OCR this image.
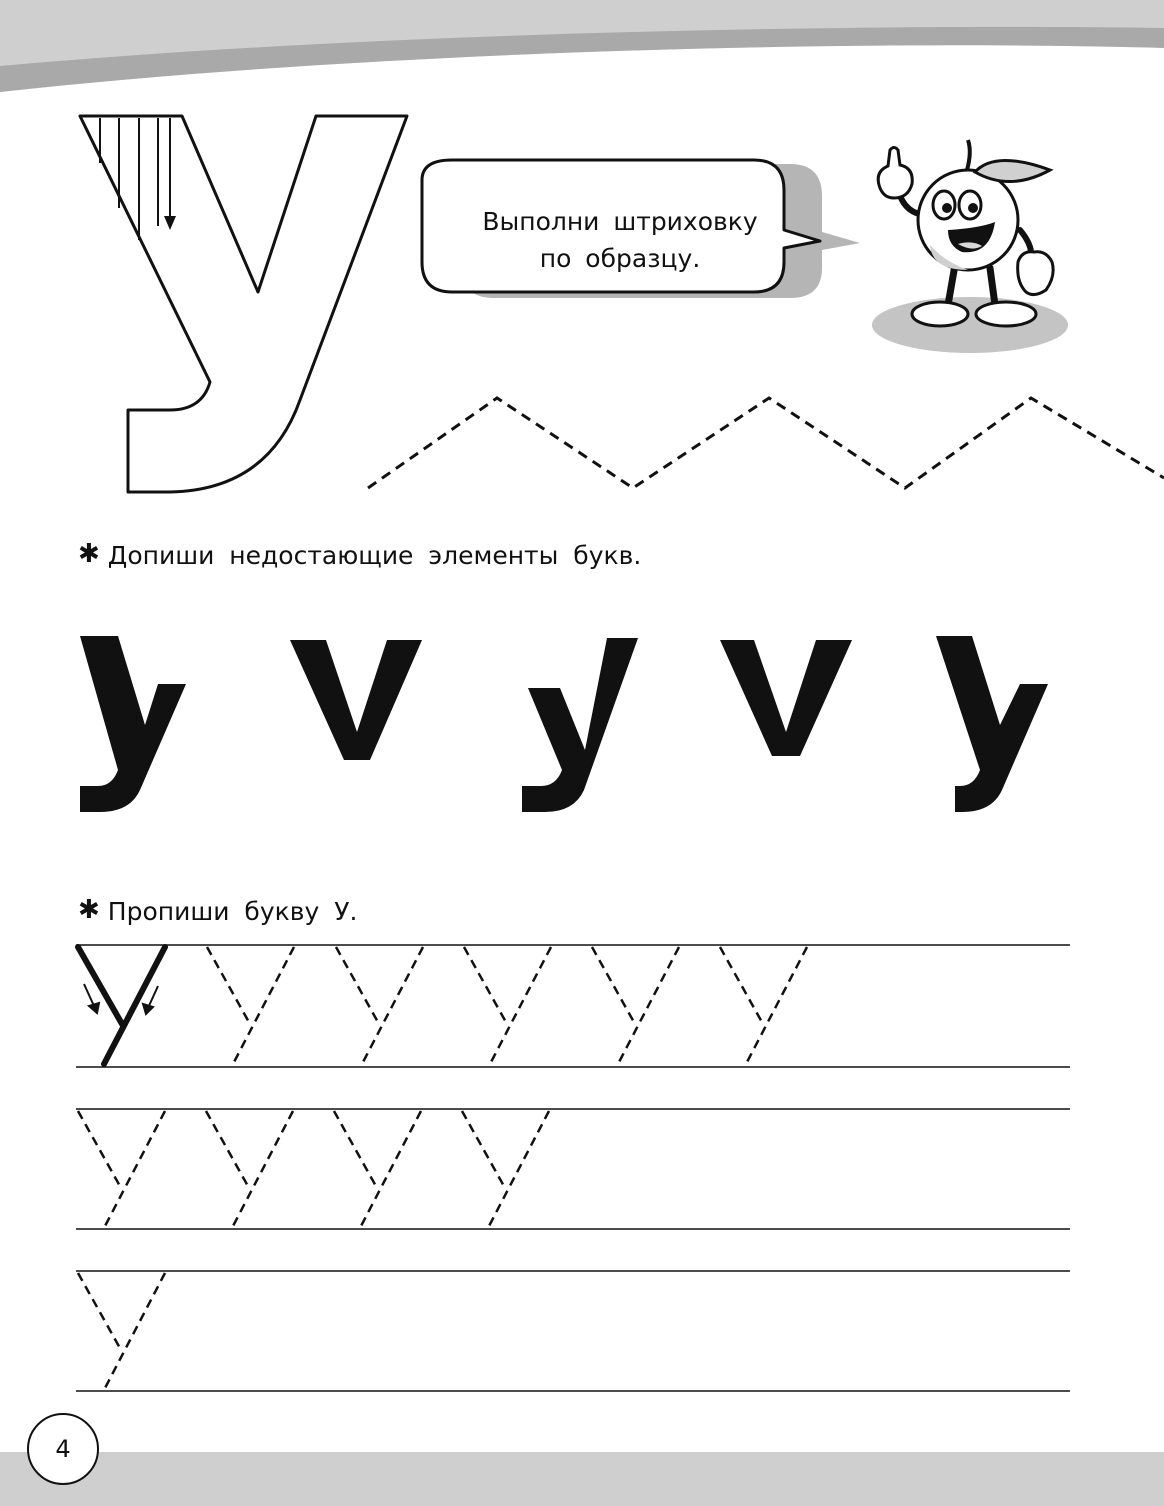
Выполни штриховку
по образцу.
✱ Допиши недостающие элементы букв.
✱ Пропиши букву У.
4
